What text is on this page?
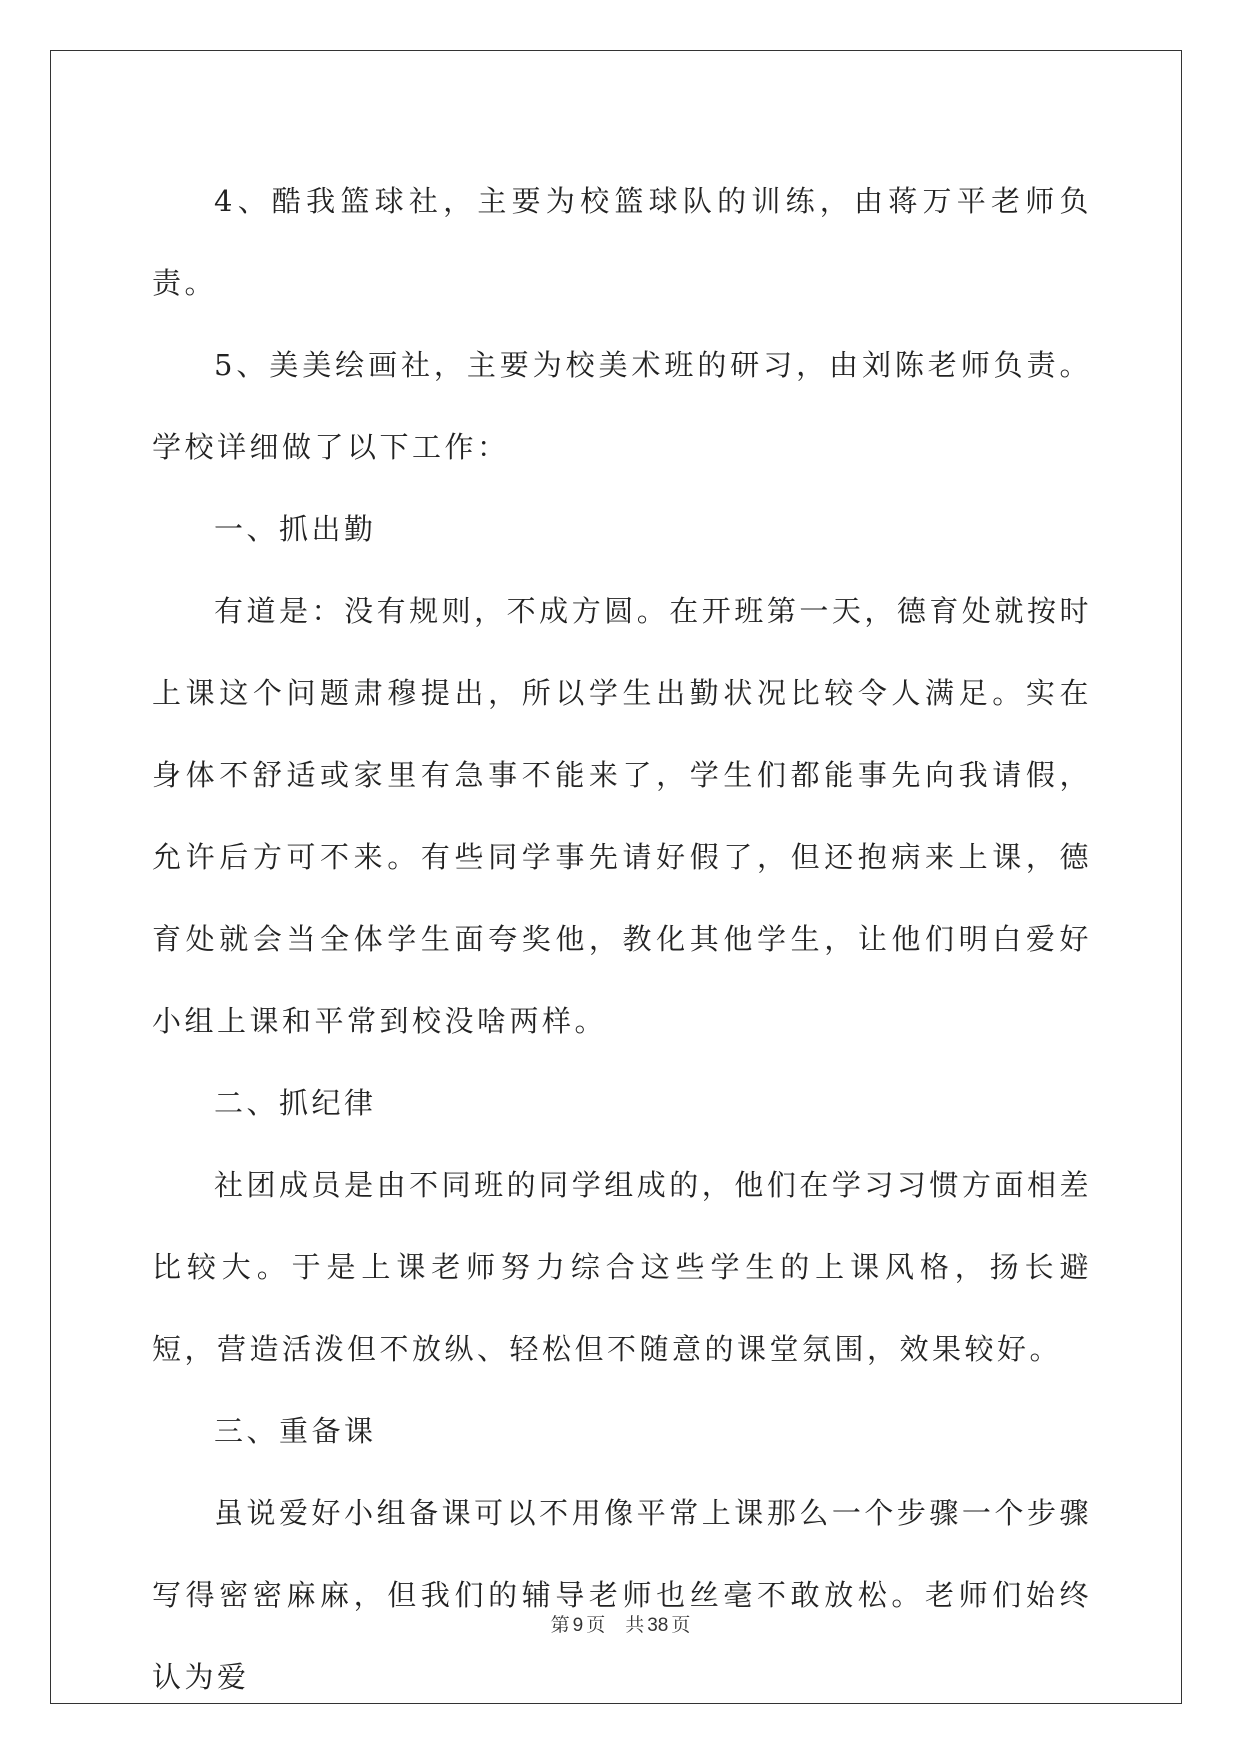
4、酷我篮球社，主要为校篮球队的训练，由蒋万平老师负责。

5、美美绘画社，主要为校美术班的研习，由刘陈老师负责。 学校详细做了以下工作：

一、抓出勤

有道是：没有规则，不成方圆。在开班第一天，德育处就按时上课这个问题肃穆提出，所以学生出勤状况比较令人满足。实在身体不舒适或家里有急事不能来了，学生们都能事先向我请假，允许后方可不来。有些同学事先请好假了，但还抱病来上课，德育处就会当全体学生面夸奖他，教化其他学生，让他们明白爱好小组上课和平常到校没啥两样。

二、抓纪律

社团成员是由不同班的同学组成的，他们在学习习惯方面相差比较大。于是上课老师努力综合这些学生的上课风格，扬长避短，营造活泼但不放纵、轻松但不随意的课堂氛围，效果较好。

三、重备课

虽说爱好小组备课可以不用像平常上课那么一个步骤一个步骤写得密密麻麻，但我们的辅导老师也丝毫不敢放松。老师们始终认为爱

第 9 页 共 38 页
